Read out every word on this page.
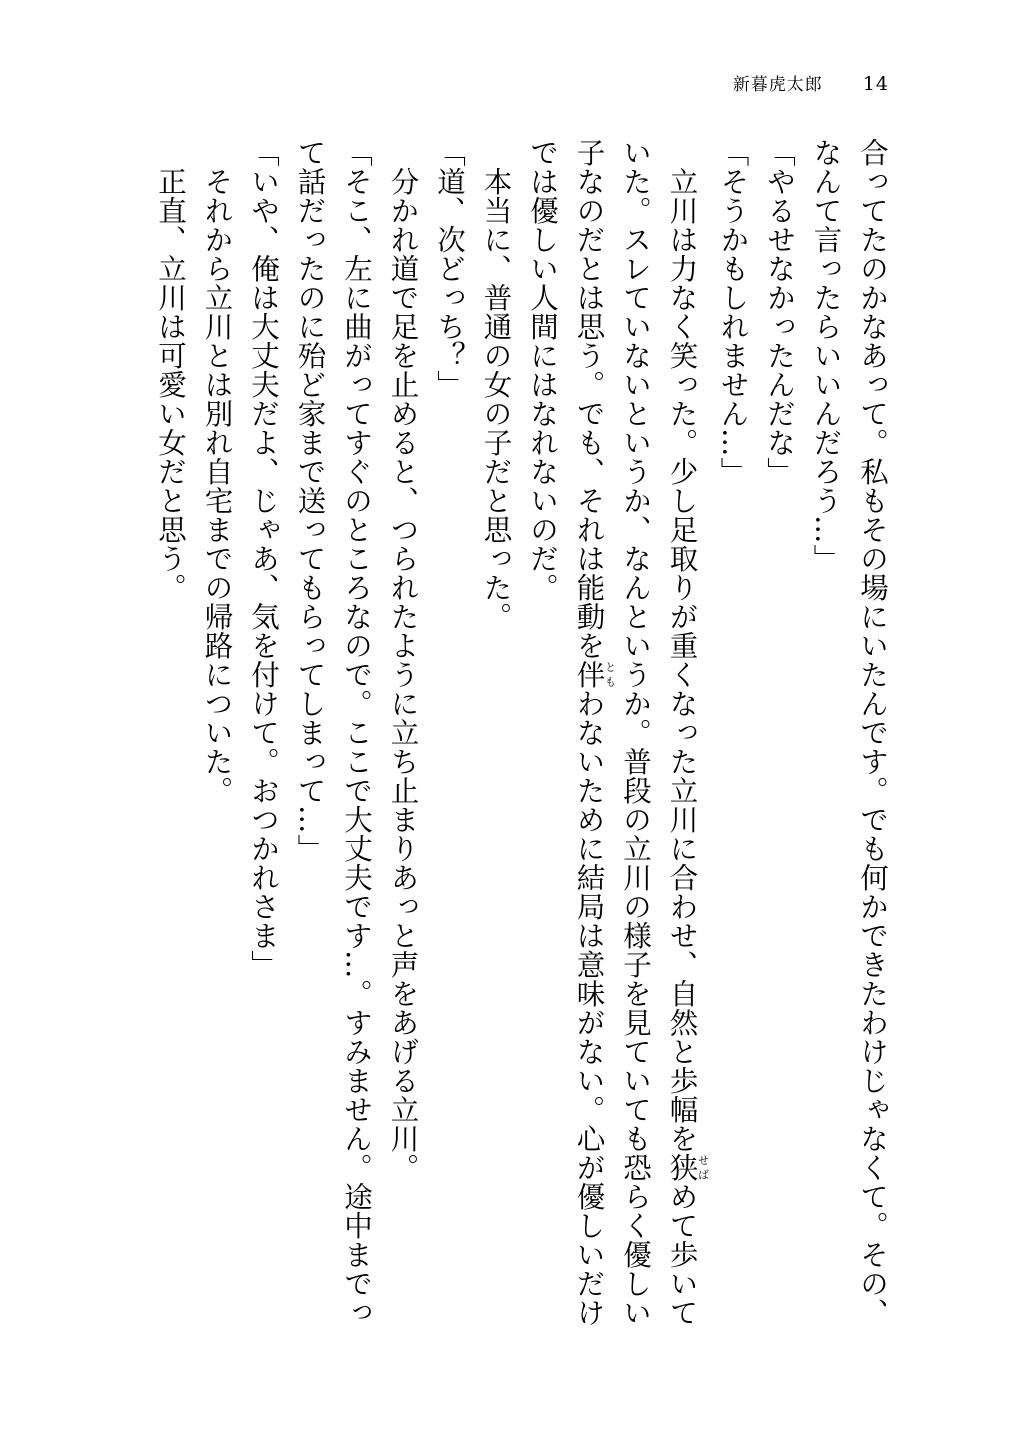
新暮虎太郎 14

合ってたのかなあって。私もその場にいたんです。でも何かできたわけじゃなくて。その、なんて言ったらいいんだろう…」

「やるせなかったんだな」

「そうかもしれません…」

立川は力なく笑った。少し足取りが重くなった立川に合わせ、自然と歩幅を狭せばめて歩いていた。スレていないというか、なんというか。普段の立川の様子を見ていても恐らく優しい子なのだとは思う。でも、それは能動を伴ともわないために結局は意味がない。心が優しいだけでは優しい人間にはなれないのだ。

本当に、普通の女の子だと思った。

「道、次どっち？」

分かれ道で足を止めると、つられたように立ち止まりあっと声をあげる立川。

「そこ、左に曲がってすぐのところなので。ここで大丈夫です…。すみません。途中までって話だったのに殆ど家まで送ってもらってしまって…」

「いや、俺は大丈夫だよ、じゃあ、気を付けて。おつかれさま」

それから立川とは別れ自宅までの帰路についた。

正直、立川は可愛い女だと思う。
